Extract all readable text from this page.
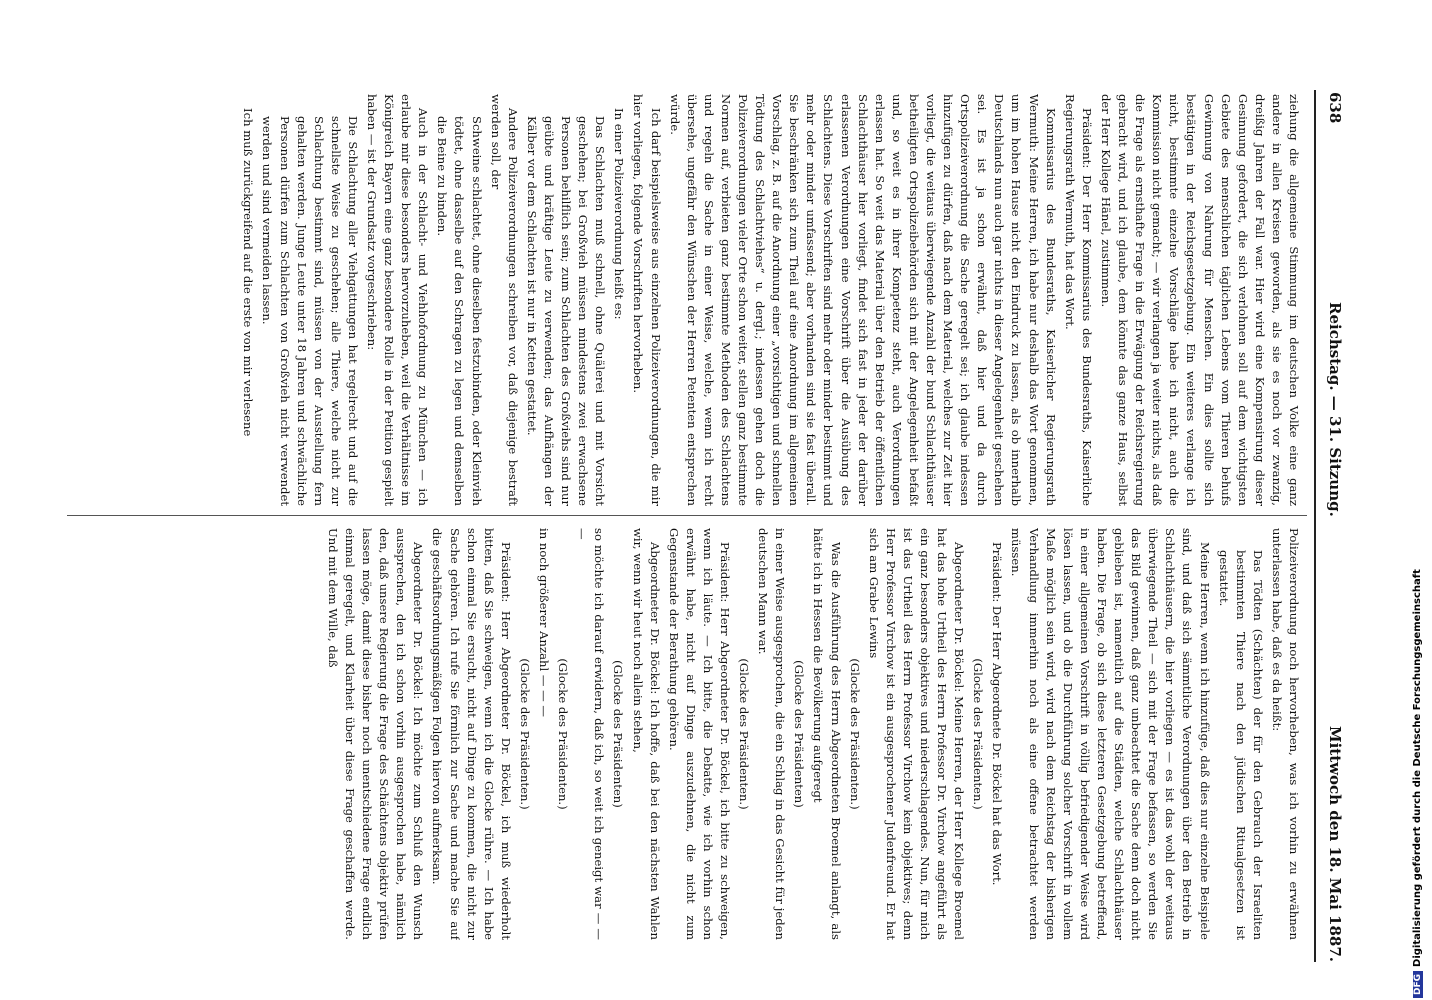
638
Reichstag. — 31. Sitzung.
Mittwoch den 18. Mai 1887.

ziehung die allgemeine Stimmung im deutschen Volke eine ganz andere in allen Kreisen geworden, als sie es noch vor zwanzig, dreißig Jahren der Fall war. Hier wird eine Kompensirung dieser Gesinnung gefordert, die sich verlohnen soll auf dem wichtigsten Gebiete des menschlichen täglichen Lebens vom Thieren behufs Gewinnung von Nahrung für Menschen. Ein dies sollte sich bestätigen in der Reichsgesetzgebung. Ein weiteres verlange ich nicht, bestimmte einzelne Vorschläge habe ich nicht, auch die Kommission nicht gemacht; — wir verlangen ja weiter nichts, als daß die Frage als ernsthafte Frage in die Erwägung der Reichsregierung gebracht wird, und ich glaube, dem könnte das ganze Haus, selbst der Herr Kollege Hänel, zustimmen.

Präsident: Der Herr Kommissarius des Bundesraths, Kaiserliche Regierungsrath Wermuth, hat das Wort.

Kommissarius des Bundesraths, Kaiserlicher Regierungsrath Wermuth: Meine Herren, ich habe nur deshalb das Wort genommen, um im hohen Hause nicht den Eindruck zu lassen, als ob innerhalb Deutschlands nun auch gar nichts in dieser Angelegenheit geschehen sei. Es ist ja schon erwähnt, daß hier und da durch Ortspolizeiverordnung die Sache geregelt sei; ich glaube indessen hinzufügen zu dürfen, daß nach dem Material, welches zur Zeit hier vorliegt, die weitaus überwiegende Anzahl der bund Schlachthäuser betheiligten Ortspolizeibehörden sich mit der Angelegenheit befaßt und, so weit es in ihrer Kompetenz steht, auch Verordnungen erlassen hat. So weit das Material über den Betrieb der öffentlichen Schlachthäuser hier vorliegt, findet sich fast in jeder der darüber erlassenen Verordnungen eine Vorschrift über die Ausübung des Schlachtens. Diese Vorschriften sind mehr oder minder bestimmt und mehr oder minder umfassend; aber vorhanden sind sie fast überall. Sie beschränken sich zum Theil auf eine Anordnung im allgemeinen Vorschlag, z. B. auf die Anordnung einer „vorsichtigen und schnellen Tödtung des Schlachtviehes“ u. dergl.; indessen gehen doch die Polizeiverordnungen vieler Orte schon weiter, stellen ganz bestimmte Normen auf, verbieten ganz bestimmte Methoden des Schlachtens und regeln die Sache in einer Weise, welche, wenn ich recht übersehe, ungefähr den Wünschen der Herren Petenten entsprechen würde.

Ich darf beispielsweise aus einzelnen Polizeiverordnungen, die mir hier vorliegen, folgende Vorschriften hervorheben.

In einer Polizeiverordnung heißt es:

Das Schlachten muß schnell, ohne Quälerei und mit Vorsicht geschehen; bei Großvieh müssen mindestens zwei erwachsene Personen behilflich sein; zum Schlachten des Großviehs sind nur geübte und kräftige Leute zu verwenden; das Aufhängen der Kälber vor dem Schlachten ist nur in Ketten gestattet.

Andere Polizeiverordnungen schreiben vor, daß diejenige bestraft werden soll, der

Schweine schlachtet, ohne dieselben festzubinden, oder Kleinvieh tödtet, ohne dasselbe auf den Schragen zu legen und demselben die Beine zu binden.

Auch in der Schlacht- und Viehhofordnung zu München — ich erlaube mir diese besonders hervorzuheben, weil die Verhältnisse im Königreich Bayern eine ganz besondere Rolle in der Petition gespielt haben — ist der Grundsatz vorgeschrieben:

Die Schlachtung aller Viehgattungen hat regelrecht und auf die schnellste Weise zu geschehen; alle Thiere, welche nicht zur Schlachtung bestimmt sind, müssen von der Ausstellung fern gehalten werden. Junge Leute unter 18 Jahren und schwächliche Personen dürfen zum Schlachten von Großvieh nicht verwendet werden und sind vermeiden lassen.

Ich muß zurückgreifend auf die erste von mir verlesene

Polizeiverordnung noch hervorheben, was ich vorhin zu erwähnen unterlassen habe, daß es da heißt:

Das Tödten (Schächten) der für den Gebrauch der Israeliten bestimmten Thiere nach den jüdischen Ritualgesetzen ist gestattet.

Meine Herren, wenn ich hinzufüge, daß dies nur einzelne Beispiele sind, und daß sich sämmtliche Verordnungen über den Betrieb in Schlachthäusern, die hier vorliegen — es ist das wohl der weitaus überwiegende Theil — sich mit der Frage befassen, so werden Sie das Bild gewinnen, daß ganz unbeachtet die Sache denn doch nicht geblieben ist, namentlich auf die Städten, welche Schlachthäuser haben. Die Frage, ob sich diese letzteren Gesetzgebung betreffend, in einer allgemeinen Vorschrift in völlig befriedigender Weise wird lösen lassen, und ob die Durchführung solcher Vorschrift in vollem Maße möglich sein wird, wird nach dem Reichstag der bisherigen Verhandlung immerhin noch als eine offene betrachtet werden müssen.

Präsident: Der Herr Abgeordnete Dr. Böckel hat das Wort.

(Glocke des Präsidenten.)

Abgeordneter Dr. Böckel: Meine Herren, der Herr Kollege Broemel hat das hohe Urtheil des Herrn Professor Dr. Virchow angeführt als ein ganz besonders objektives und niederschlagendes. Nun, für mich ist das Urtheil des Herrn Professor Virchow kein objektives; denn Herr Professor Virchow ist ein ausgesprochener Judenfreund. Er hat sich am Grabe Lewins

(Glocke des Präsidenten.)

Was die Ausführung des Herrn Abgeordneten Broemel anlangt, als hätte ich in Hessen die Bevölkerung aufgeregt

(Glocke des Präsidenten)

in einer Weise ausgesprochen, die ein Schlag in das Gesicht für jeden deutschen Mann war.

(Glocke des Präsidenten.)

Präsident: Herr Abgeordneter Dr. Böckel, ich bitte zu schweigen, wenn ich läute. — Ich bitte, die Debatte, wie ich vorhin schon erwähnt habe, nicht auf Dinge auszudehnen, die nicht zum Gegenstande der Berathung gehören.

Abgeordneter Dr. Böckel: Ich hoffe, daß bei den nächsten Wahlen wir, wenn wir heut noch allein stehen,

(Glocke des Präsidenten)

so möchte ich darauf erwidern, daß ich, so weit ich geneigt war — — —

(Glocke des Präsidenten.)

in noch größerer Anzahl — — —

(Glocke des Präsidenten.)

Präsident: Herr Abgeordneter Dr. Böckel, ich muß wiederholt bitten, daß Sie schweigen, wenn ich die Glocke rühre. — Ich habe schon einmal Sie ersucht, nicht auf Dinge zu kommen, die nicht zur Sache gehören. Ich rufe Sie förmlich zur Sache und mache Sie auf die geschäftsordnungsmäßigen Folgen hiervon aufmerksam.

Abgeordneter Dr. Böckel: Ich möchte zum Schluß den Wunsch aussprechen, den ich schon vorhin ausgesprochen habe, nämlich den, daß unsere Regierung die Frage des Schächtens objektiv prüfen lassen möge, damit diese bisher noch unentschiedene Frage endlich einmal geregelt, und Klarheit über diese Frage geschaffen werde. Und mit dem Wille, daß

DFGDigitalisierung gefördert durch die Deutsche Forschungsgemeinschaft
